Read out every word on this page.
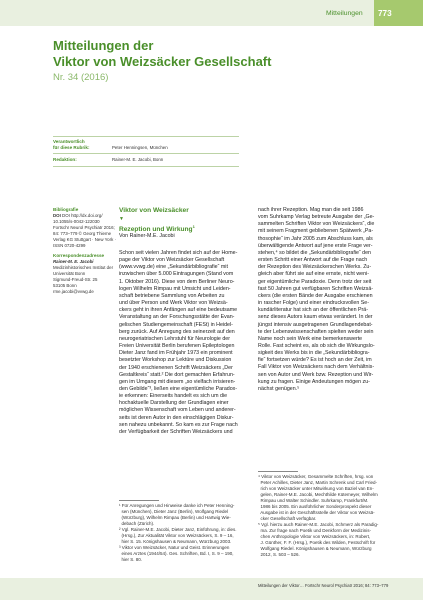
Mitteilungen 773
Mitteilungen der
Viktor von Weizsäcker Gesellschaft
Nr. 34 (2016)
Verantwortlich
für diese Rubrik:	Peter Henningsen, München
Redaktion:	Rainer-M. E. Jacobi, Bonn
Bibliografie
DOI DOI http://dx.doi.org/
10.1055/s-0042-122030
Fortschr Neurol Psychiatr 2016;
84: 773–779 © Georg Thieme
Verlag KG Stuttgart · New York ·
ISSN 0720-4299
Korrespondenzadresse
Rainer-M. E. Jacobi
Medizinhistorisches Institut der
Universität Bonn
Sigmund-Freud-Str. 25
53105 Bonn
rme.jacobi@vvwg.de
Viktor von Weizsäcker
▼
Rezeption und Wirkung$^1$
Von Rainer-M.E. Jacobi
Schon seit vielen Jahren findet sich auf der Home-
page der Viktor von Weizsäcker Gesellschaft
(www.vvwg.de) eine „Sekundärbibliografie“ mit
inzwischen über 5.000 Eintragungen (Stand vom
1. Oktober 2016). Diese von dem Berliner Neuro-
logen Wilhelm Rimpau mit Umsicht und Leiden-
schaft betriebene Sammlung von Arbeiten zu
und über Person und Werk Viktor von Weizsä-
ckers geht in ihren Anfängen auf eine bedeutsame
Veranstaltung an der Forschungsstätte der Evan-
gelischen Studiengemeinschaft (FESt) in Heidel-
berg zurück. Auf Anregung des seinerzeit auf den
neurogeriatrischen Lehrstuhl für Neurologie der
Freien Universität Berlin berufenen Epileptologen
Dieter Janz fand im Frühjahr 1973 ein prominent
besetzter Workshop zur Lektüre und Diskussion
der 1940 erschienenen Schrift Weizsäckers „Der
Gestaltkreis“ statt.² Die dort gemachten Erfahrun-
gen im Umgang mit diesem „so vielfach irrisieren-
den Gebilde“³, ließen eine eigentümliche Paradox-
ie erkennen: Einerseits handelt es sich um die
hochaktuelle Darstellung der Grundlagen einer
möglichen Wissenschaft vom Leben und anderer-
seits ist deren Autor in den einschlägigen Diskur-
sen nahezu unbekannt. So kam es zur Frage nach
der Verfügbarkeit der Schriften Weizsäckers und
nach ihrer Rezeption. Mag man die seit 1986
vom Suhrkamp Verlag betreute Ausgabe der „Ge-
sammelten Schriften Viktor von Weizsäckers“, die
mit seinem Fragment gebliebenen Spätwerk „Pa-
thosophie“ im Jahr 2005 zum Abschluss kam, als
überwältigende Antwort auf jene erste Frage ver-
stehen,⁴ so bildet die „Sekundärbibliografie“ den
ersten Schritt einer Antwort auf die Frage nach
der Rezeption des Weizsäckerschen Werks. Zu-
gleich aber führt sie auf eine ernste, nicht weni-
ger eigentümliche Paradoxie. Denn trotz der seit
fast 50 Jahren gut verfügbaren Schriften Weizsä-
ckers (die ersten Bände der Ausgabe erschienen
in rascher Folge) und einer eindrucksvollen Se-
kundärliteratur hat sich an der öffentlichen Prä-
senz dieses Autors kaum etwas verändert. In der
jüngst intensiv ausgetragenen Grundlagendebat-
te der Lebenswissenschaften spielten weder sein
Name noch sein Werk eine bemerkenswerte
Rolle. Fast scheint es, als ob sich die Wirkungslo-
sigkeit des Werks bis in die „Sekundärbibliogra-
fie“ fortsetzen würde? Es ist hoch an der Zeit, im
Fall Viktor von Weizsäckers nach dem Verhältnis-
sen von Autor und Werk bzw. Rezeption und Wir-
kung zu fragen. Einige Andeutungen mögen zu-
nächst genügen.⁵
¹ Für Anregungen und Hinweise danke ich Peter Henning-
sen (München), Dieter Janz (Berlin), Wolfgang Riedel
(Würzburg), Wilhelm Rimpau (Berlin) und Hartwig Wie-
debach (Zürich).
² Vgl. Rainer-M.E. Jacobi, Dieter Janz, Einführung, in: dies.
(Hrsg.), Zur Aktualität Viktor von Weizsäckers, S. 9 – 16,
hier S. 15. Königshausen & Neumann, Würzburg 2003.
³ Viktor von Weizsäcker, Natur und Geist. Erinnerungen
eines Arztes (1944/54). Ges. Schriften, Bd. I, S. 9 – 190,
hier S. 80.
⁴ Viktor von Weizsäcker, Gesammelte Schriften, hrsg. von
Peter Achilles, Dieter Janz, Martin Schrenk und Carl Fried-
rich von Weizsäcker unter Mitwirkung von Baziel van En-
gelen, Rainer-M.E. Jacobi, Mechthilde Kütemeyer, Wilhelm
Rimpau und Walter Schindler. Suhrkamp, Frankfurt/M.
1986 bis 2005. Ein ausführlicher Sonderprospekt dieser
Ausgabe ist in der Geschäftsstelle der Viktor von Weizsä-
cker Gesellschaft verfügbar.
⁵ Vgl. hierzu auch Rainer-M.E. Jacobi, Schmerz als Paradig-
ma. Zur frage nach Poetik und Denkform der Medizinis-
chen Anthropologie Viktor von Weizsäckers, in: Robert,
J. Günther, F. F. (Hrsg.), Poetik des Wilden, Festschrift für
Wolfgang Riedel. Königshausen & Neumann, Würzburg
2012, S. 503 – 526.
Mitteilungen der Viktor… Fortschr Neurol Psychiatr 2016; 84: 773–779
